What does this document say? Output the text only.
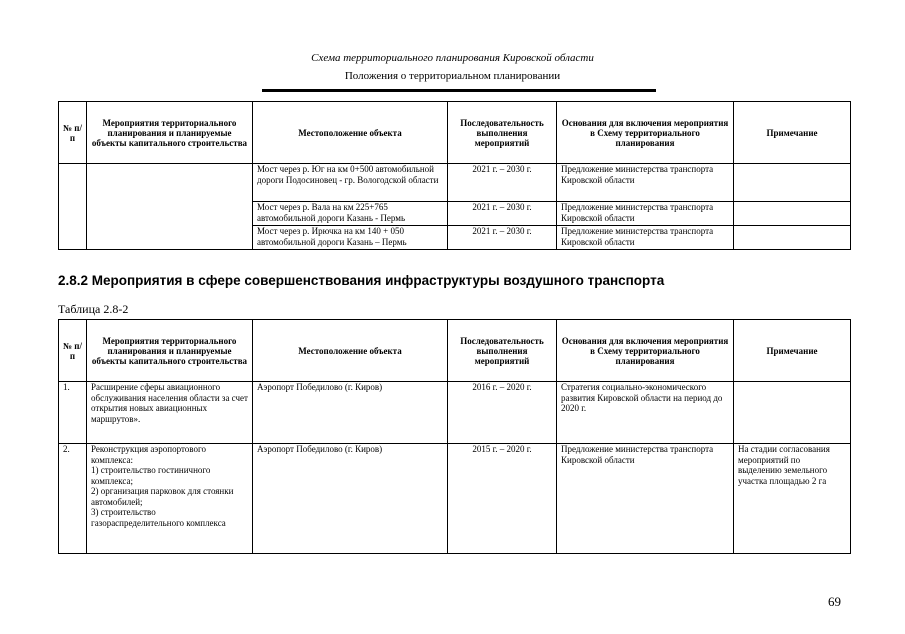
Схема территориального планирования Кировской области
Положения о территориальном планировании
№ п/п	Мероприятия территориального планирования и планируемые объекты капитального строительства	Местоположение объекта	Последовательность выполнения мероприятий	Основания для включения мероприятия в Схему территориального планирования	Примечание
		Мост через р. Юг на км 0+500 автомобильной дороги Подосиновец - гр. Вологодской области	2021 г. – 2030 г.	Предложение министерства транспорта Кировской области	
		Мост через р. Вала на км 225+765 автомобильной дороги Казань - Пермь	2021 г. – 2030 г.	Предложение министерства транспорта Кировской области	
		Мост через р. Ирючка на км 140 + 050 автомобильной дороги Казань – Пермь	2021 г. – 2030 г.	Предложение министерства транспорта Кировской области	
2.8.2 Мероприятия в сфере совершенствования инфраструктуры воздушного транспорта
Таблица 2.8-2
№ п/п	Мероприятия территориального планирования и планируемые объекты капитального строительства	Местоположение объекта	Последовательность выполнения мероприятий	Основания для включения мероприятия в Схему территориального планирования	Примечание
1.	Расширение сферы авиационного обслуживания населения области за счет открытия новых авиационных маршрутов».	Аэропорт Победилово (г. Киров)	2016 г. – 2020 г.	Стратегия социально-экономического развития Кировской области на период до 2020 г.	
2.	Реконструкция аэропортового комплекса:
1) строительство гостиничного комплекса;
2) организация парковок для стоянки автомобилей;
3) строительство газораспределительного комплекса	Аэропорт Победилово (г. Киров)	2015 г. – 2020 г.	Предложение министерства транспорта Кировской области	На стадии согласования мероприятий по выделению земельного участка площадью 2 га
69
